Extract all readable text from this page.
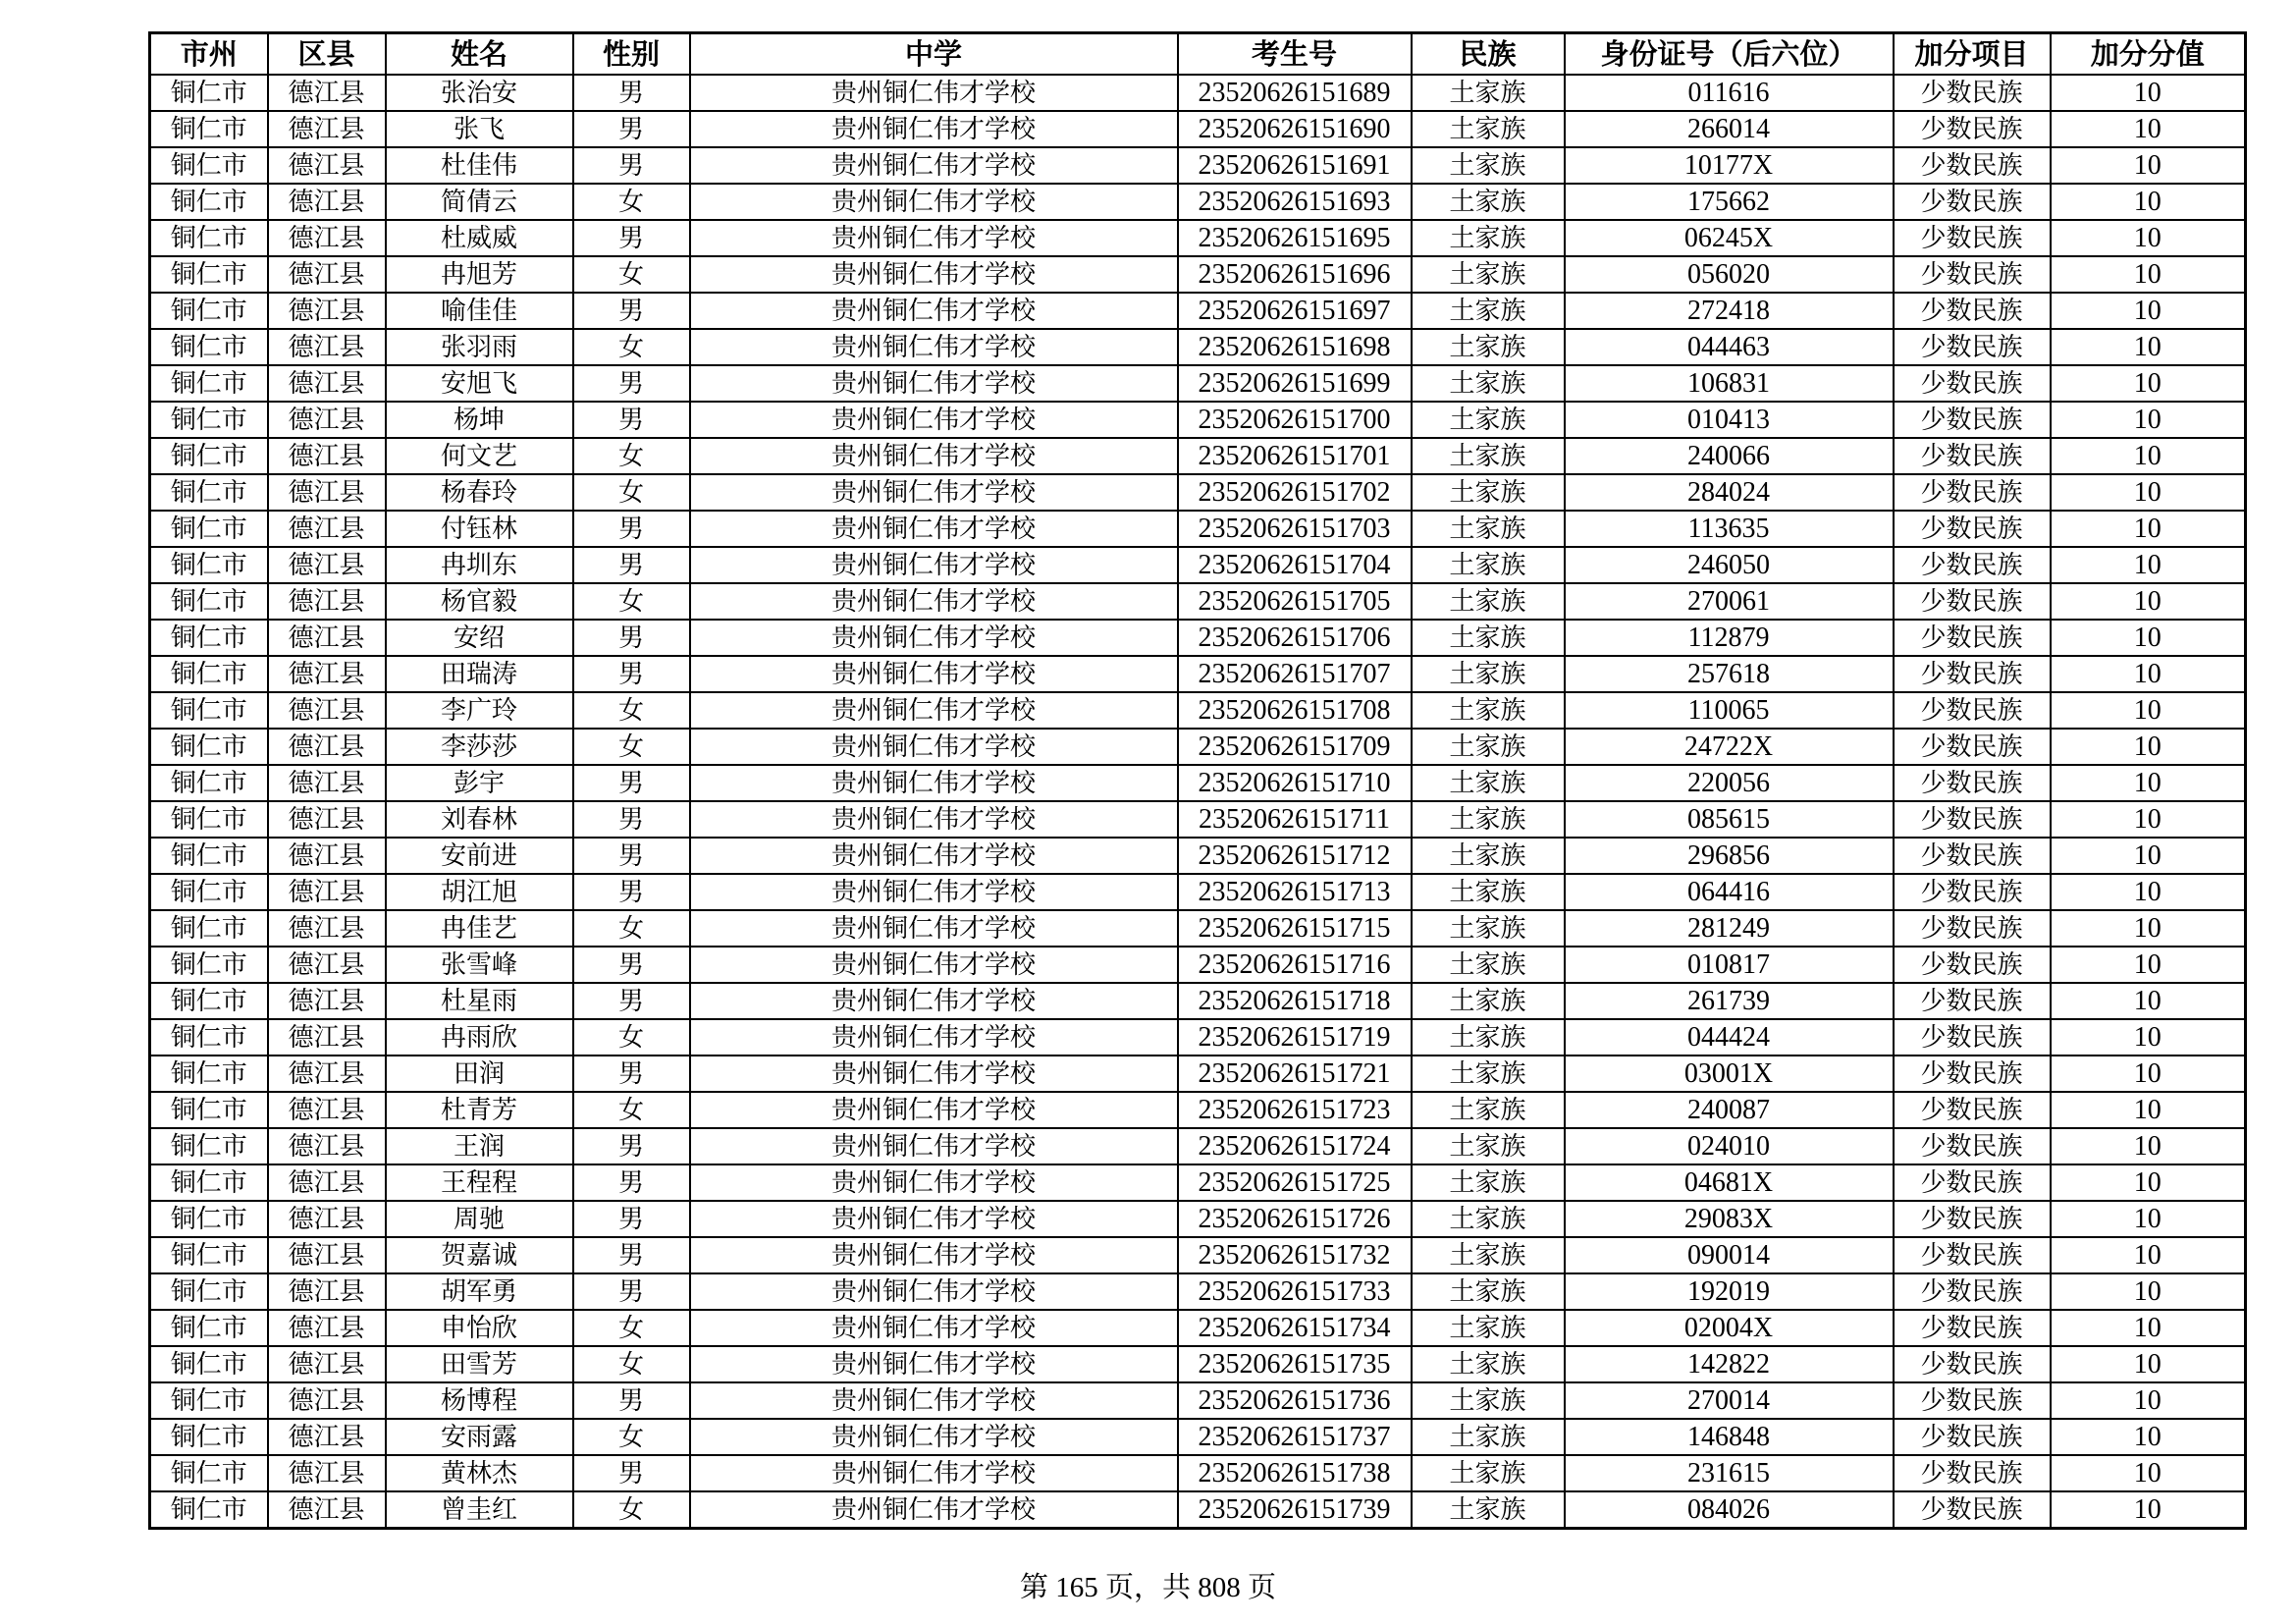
市州	区县	姓名	性别	中学	考生号	民族	身份证号（后六位）	加分项目	加分分值
铜仁市	德江县	张治安	男	贵州铜仁伟才学校	23520626151689	土家族	011616	少数民族	10
铜仁市	德江县	张飞	男	贵州铜仁伟才学校	23520626151690	土家族	266014	少数民族	10
铜仁市	德江县	杜佳伟	男	贵州铜仁伟才学校	23520626151691	土家族	10177X	少数民族	10
铜仁市	德江县	简倩云	女	贵州铜仁伟才学校	23520626151693	土家族	175662	少数民族	10
铜仁市	德江县	杜威威	男	贵州铜仁伟才学校	23520626151695	土家族	06245X	少数民族	10
铜仁市	德江县	冉旭芳	女	贵州铜仁伟才学校	23520626151696	土家族	056020	少数民族	10
铜仁市	德江县	喻佳佳	男	贵州铜仁伟才学校	23520626151697	土家族	272418	少数民族	10
铜仁市	德江县	张羽雨	女	贵州铜仁伟才学校	23520626151698	土家族	044463	少数民族	10
铜仁市	德江县	安旭飞	男	贵州铜仁伟才学校	23520626151699	土家族	106831	少数民族	10
铜仁市	德江县	杨坤	男	贵州铜仁伟才学校	23520626151700	土家族	010413	少数民族	10
铜仁市	德江县	何文艺	女	贵州铜仁伟才学校	23520626151701	土家族	240066	少数民族	10
铜仁市	德江县	杨春玲	女	贵州铜仁伟才学校	23520626151702	土家族	284024	少数民族	10
铜仁市	德江县	付钰林	男	贵州铜仁伟才学校	23520626151703	土家族	113635	少数民族	10
铜仁市	德江县	冉圳东	男	贵州铜仁伟才学校	23520626151704	土家族	246050	少数民族	10
铜仁市	德江县	杨官毅	女	贵州铜仁伟才学校	23520626151705	土家族	270061	少数民族	10
铜仁市	德江县	安绍	男	贵州铜仁伟才学校	23520626151706	土家族	112879	少数民族	10
铜仁市	德江县	田瑞涛	男	贵州铜仁伟才学校	23520626151707	土家族	257618	少数民族	10
铜仁市	德江县	李广玲	女	贵州铜仁伟才学校	23520626151708	土家族	110065	少数民族	10
铜仁市	德江县	李莎莎	女	贵州铜仁伟才学校	23520626151709	土家族	24722X	少数民族	10
铜仁市	德江县	彭宇	男	贵州铜仁伟才学校	23520626151710	土家族	220056	少数民族	10
铜仁市	德江县	刘春林	男	贵州铜仁伟才学校	23520626151711	土家族	085615	少数民族	10
铜仁市	德江县	安前进	男	贵州铜仁伟才学校	23520626151712	土家族	296856	少数民族	10
铜仁市	德江县	胡江旭	男	贵州铜仁伟才学校	23520626151713	土家族	064416	少数民族	10
铜仁市	德江县	冉佳艺	女	贵州铜仁伟才学校	23520626151715	土家族	281249	少数民族	10
铜仁市	德江县	张雪峰	男	贵州铜仁伟才学校	23520626151716	土家族	010817	少数民族	10
铜仁市	德江县	杜星雨	男	贵州铜仁伟才学校	23520626151718	土家族	261739	少数民族	10
铜仁市	德江县	冉雨欣	女	贵州铜仁伟才学校	23520626151719	土家族	044424	少数民族	10
铜仁市	德江县	田润	男	贵州铜仁伟才学校	23520626151721	土家族	03001X	少数民族	10
铜仁市	德江县	杜青芳	女	贵州铜仁伟才学校	23520626151723	土家族	240087	少数民族	10
铜仁市	德江县	王润	男	贵州铜仁伟才学校	23520626151724	土家族	024010	少数民族	10
铜仁市	德江县	王程程	男	贵州铜仁伟才学校	23520626151725	土家族	04681X	少数民族	10
铜仁市	德江县	周驰	男	贵州铜仁伟才学校	23520626151726	土家族	29083X	少数民族	10
铜仁市	德江县	贺嘉诚	男	贵州铜仁伟才学校	23520626151732	土家族	090014	少数民族	10
铜仁市	德江县	胡军勇	男	贵州铜仁伟才学校	23520626151733	土家族	192019	少数民族	10
铜仁市	德江县	申怡欣	女	贵州铜仁伟才学校	23520626151734	土家族	02004X	少数民族	10
铜仁市	德江县	田雪芳	女	贵州铜仁伟才学校	23520626151735	土家族	142822	少数民族	10
铜仁市	德江县	杨博程	男	贵州铜仁伟才学校	23520626151736	土家族	270014	少数民族	10
铜仁市	德江县	安雨露	女	贵州铜仁伟才学校	23520626151737	土家族	146848	少数民族	10
铜仁市	德江县	黄林杰	男	贵州铜仁伟才学校	23520626151738	土家族	231615	少数民族	10
铜仁市	德江县	曾圭红	女	贵州铜仁伟才学校	23520626151739	土家族	084026	少数民族	10
第 165 页，共 808 页
